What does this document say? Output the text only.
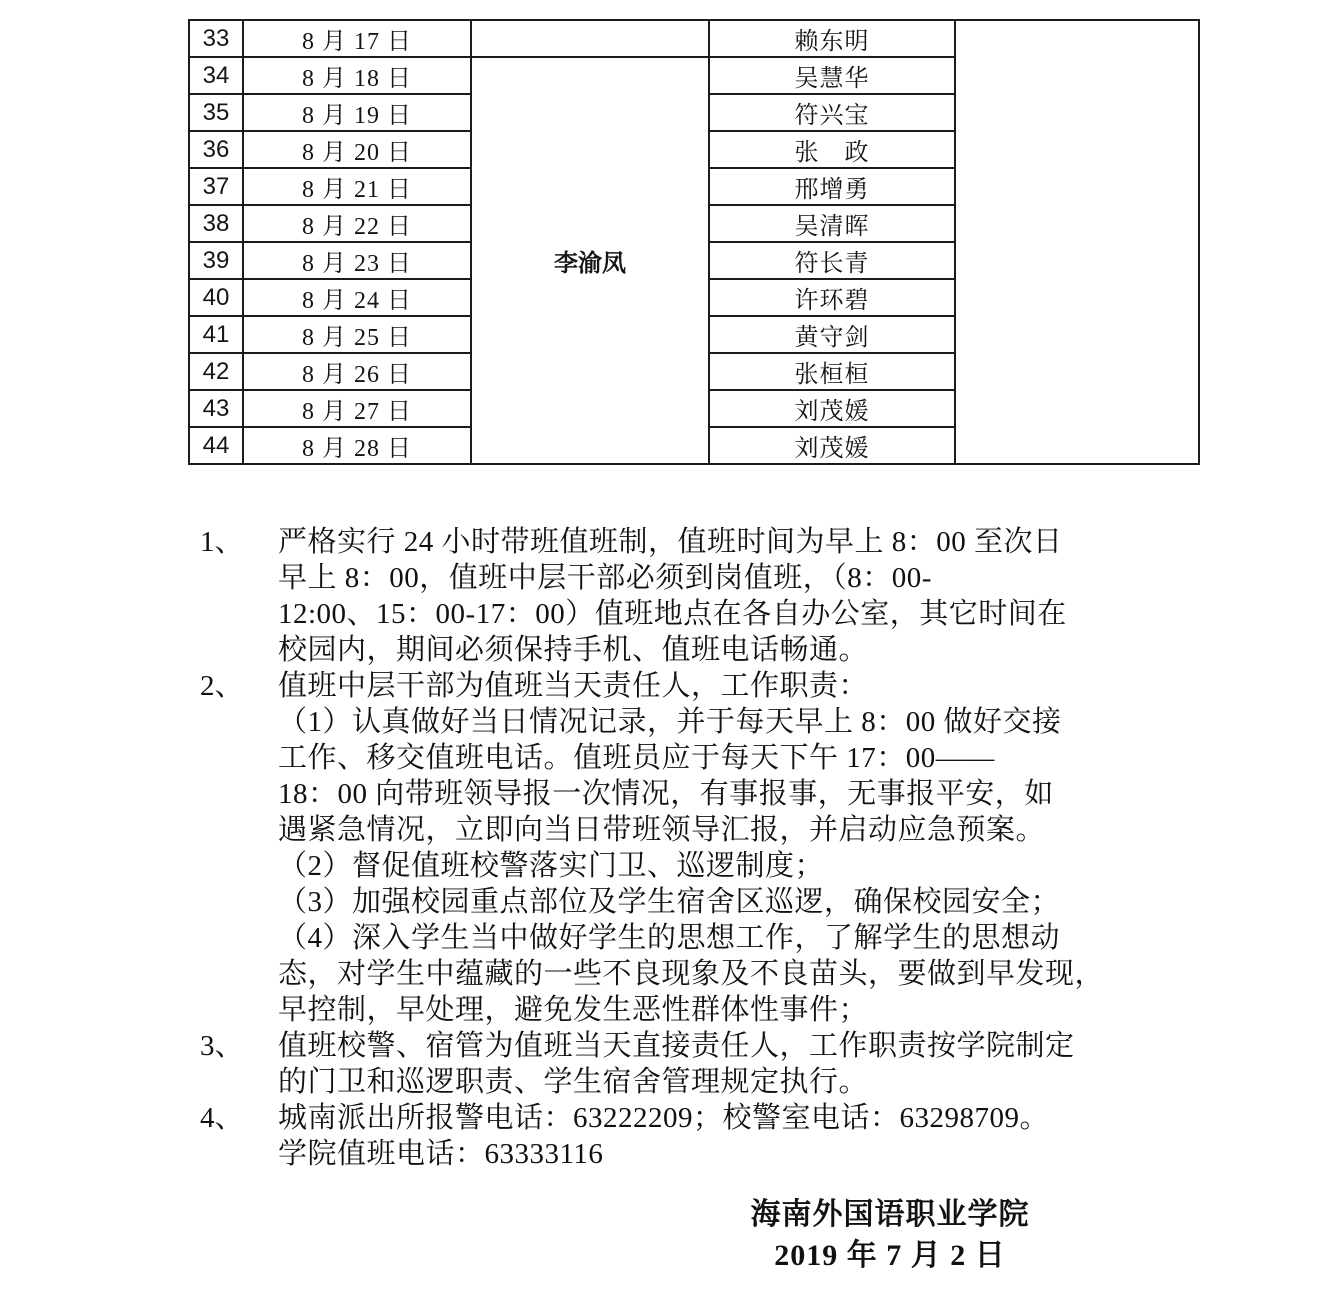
33	8 月 17 日		赖东明	
34	8 月 18 日	李渝凤	吴慧华	
35	8 月 19 日		符兴宝	
36	8 月 20 日		张　政	
37	8 月 21 日		邢增勇	
38	8 月 22 日		吴清晖	
39	8 月 23 日		符长青	
40	8 月 24 日		许环碧	
41	8 月 25 日		黄守剑	
42	8 月 26 日		张桓桓	
43	8 月 27 日		刘茂媛	
44	8 月 28 日		刘茂媛	
1、	严格实行 24 小时带班值班制，值班时间为早上 8：00 至次日
早上 8：00，值班中层干部必须到岗值班，（8：00-
12:00、15：00-17：00）值班地点在各自办公室，其它时间在
校园内，期间必须保持手机、值班电话畅通。
2、	值班中层干部为值班当天责任人，工作职责：
（1）认真做好当日情况记录，并于每天早上 8：00 做好交接
工作、移交值班电话。值班员应于每天下午 17：00——
18：00 向带班领导报一次情况，有事报事，无事报平安，如
遇紧急情况，立即向当日带班领导汇报，并启动应急预案。
（2）督促值班校警落实门卫、巡逻制度；
（3）加强校园重点部位及学生宿舍区巡逻，确保校园安全；
（4）深入学生当中做好学生的思想工作，了解学生的思想动
态，对学生中蕴藏的一些不良现象及不良苗头，要做到早发现，
早控制，早处理，避免发生恶性群体性事件；
3、	值班校警、宿管为值班当天直接责任人，工作职责按学院制定
的门卫和巡逻职责、学生宿舍管理规定执行。
4、	城南派出所报警电话：63222209；校警室电话：63298709。
学院值班电话：63333116
海南外国语职业学院
2019 年 7 月 2 日
